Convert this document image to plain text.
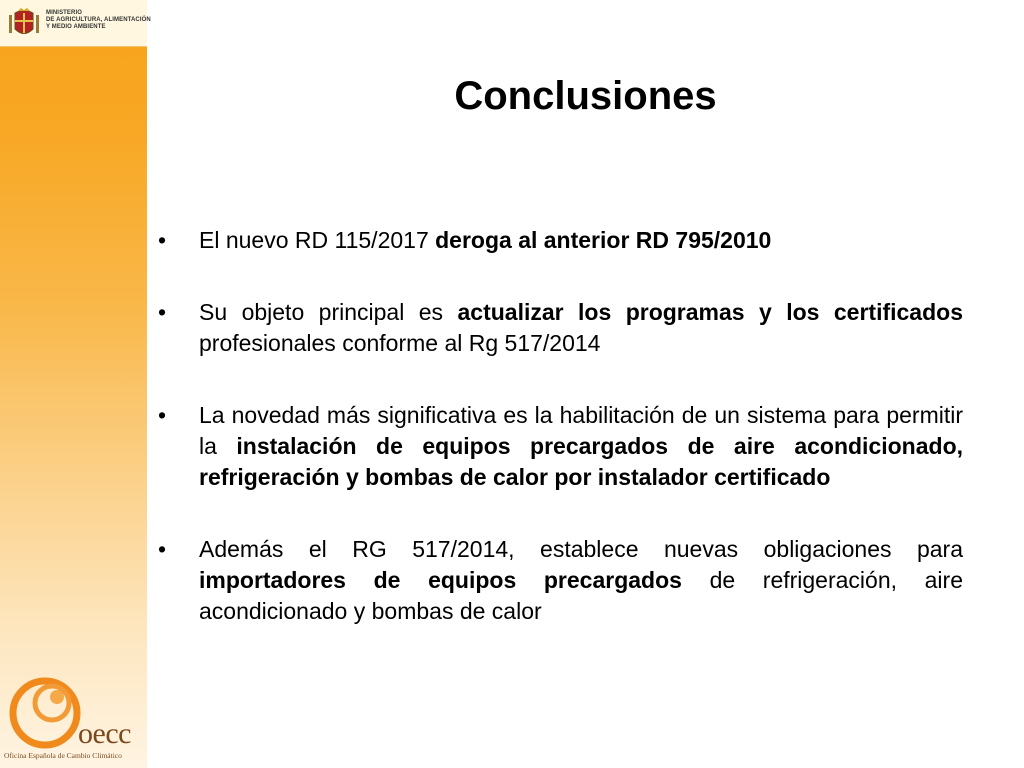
MINISTERIO
DE AGRICULTURA, ALIMENTACIÓN
Y MEDIO AMBIENTE
oecc
Oficina Española de Cambio Climático
Conclusiones
• El nuevo RD 115/2017 deroga al anterior RD 795/2010
• Su objeto principal es actualizar los programas y los certificados profesionales conforme al Rg 517/2014
• La novedad más significativa es la habilitación de un sistema para permitir la instalación de equipos precargados de aire acondicionado, refrigeración y bombas de calor por instalador certificado
• Además el RG 517/2014, establece nuevas obligaciones para importadores de equipos precargados de refrigeración, aire acondicionado y bombas de calor
